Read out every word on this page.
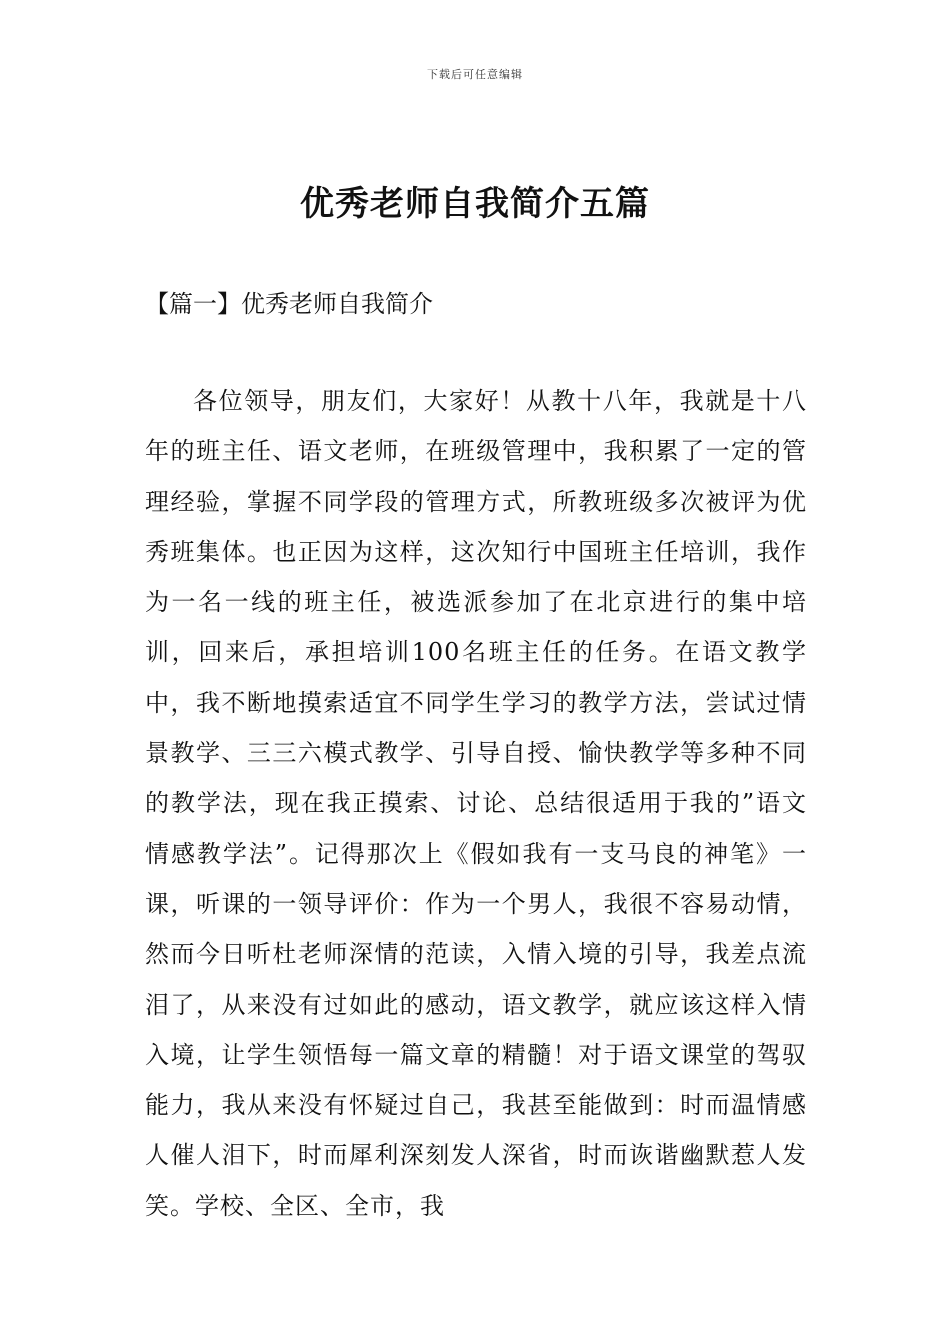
下载后可任意编辑
优秀老师自我简介五篇
【篇一】优秀老师自我简介

各位领导，朋友们，大家好！从教十八年，我就是十八年的班主任、语文老师，在班级管理中，我积累了一定的管理经验，掌握不同学段的管理方式，所教班级多次被评为优秀班集体。也正因为这样，这次知行中国班主任培训，我作为一名一线的班主任，被选派参加了在北京进行的集中培训，回来后，承担培训100名班主任的任务。在语文教学中，我不断地摸索适宜不同学生学习的教学方法，尝试过情景教学、三三六模式教学、引导自授、愉快教学等多种不同的教学法，现在我正摸索、讨论、总结很适用于我的”语文情感教学法”。记得那次上《假如我有一支马良的神笔》一课，听课的一领导评价：作为一个男人，我很不容易动情，然而今日听杜老师深情的范读，入情入境的引导，我差点流泪了，从来没有过如此的感动，语文教学，就应该这样入情入境，让学生领悟每一篇文章的精髓！对于语文课堂的驾驭能力，我从来没有怀疑过自己，我甚至能做到：时而温情感人催人泪下，时而犀利深刻发人深省，时而诙谐幽默惹人发笑。学校、全区、全市，我
